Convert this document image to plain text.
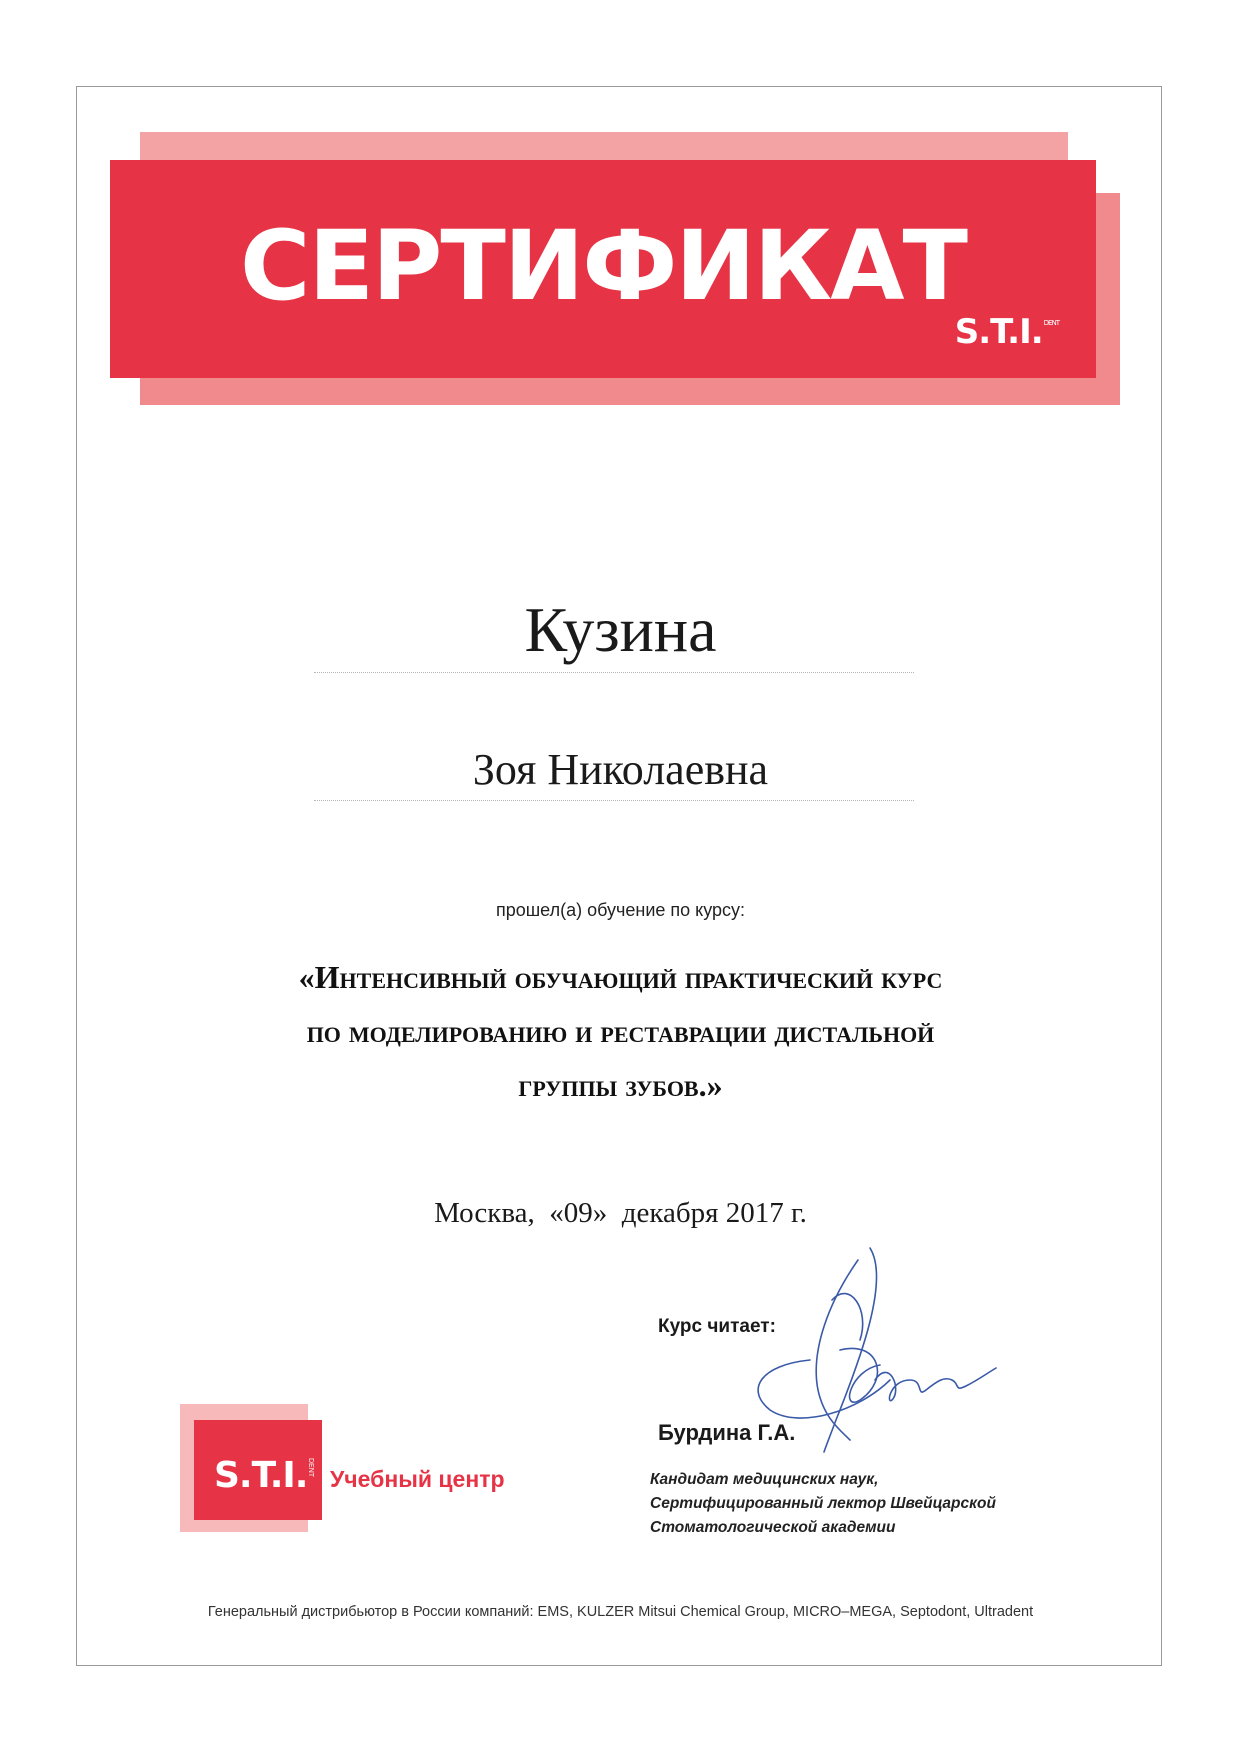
СЕРТИФИКАТ
S.T.I.$^{DENT}$
Кузина
Зоя Николаевна
прошел(а) обучение по курсу:
«Интенсивный обучающий практический курс
по моделированию и реставрации дистальной
группы зубов.»
Москва,  «09»  декабря 2017 г.
S.T.I. DENT Учебный центр
Курс читает:
Бурдина Г.А.
Кандидат медицинских наук,
Сертифицированный лектор Швейцарской
Стоматологической академии
Генеральный дистрибьютор в России компаний: EMS, KULZER Mitsui Chemical Group, MICRO–MEGA, Septodont, Ultradent
